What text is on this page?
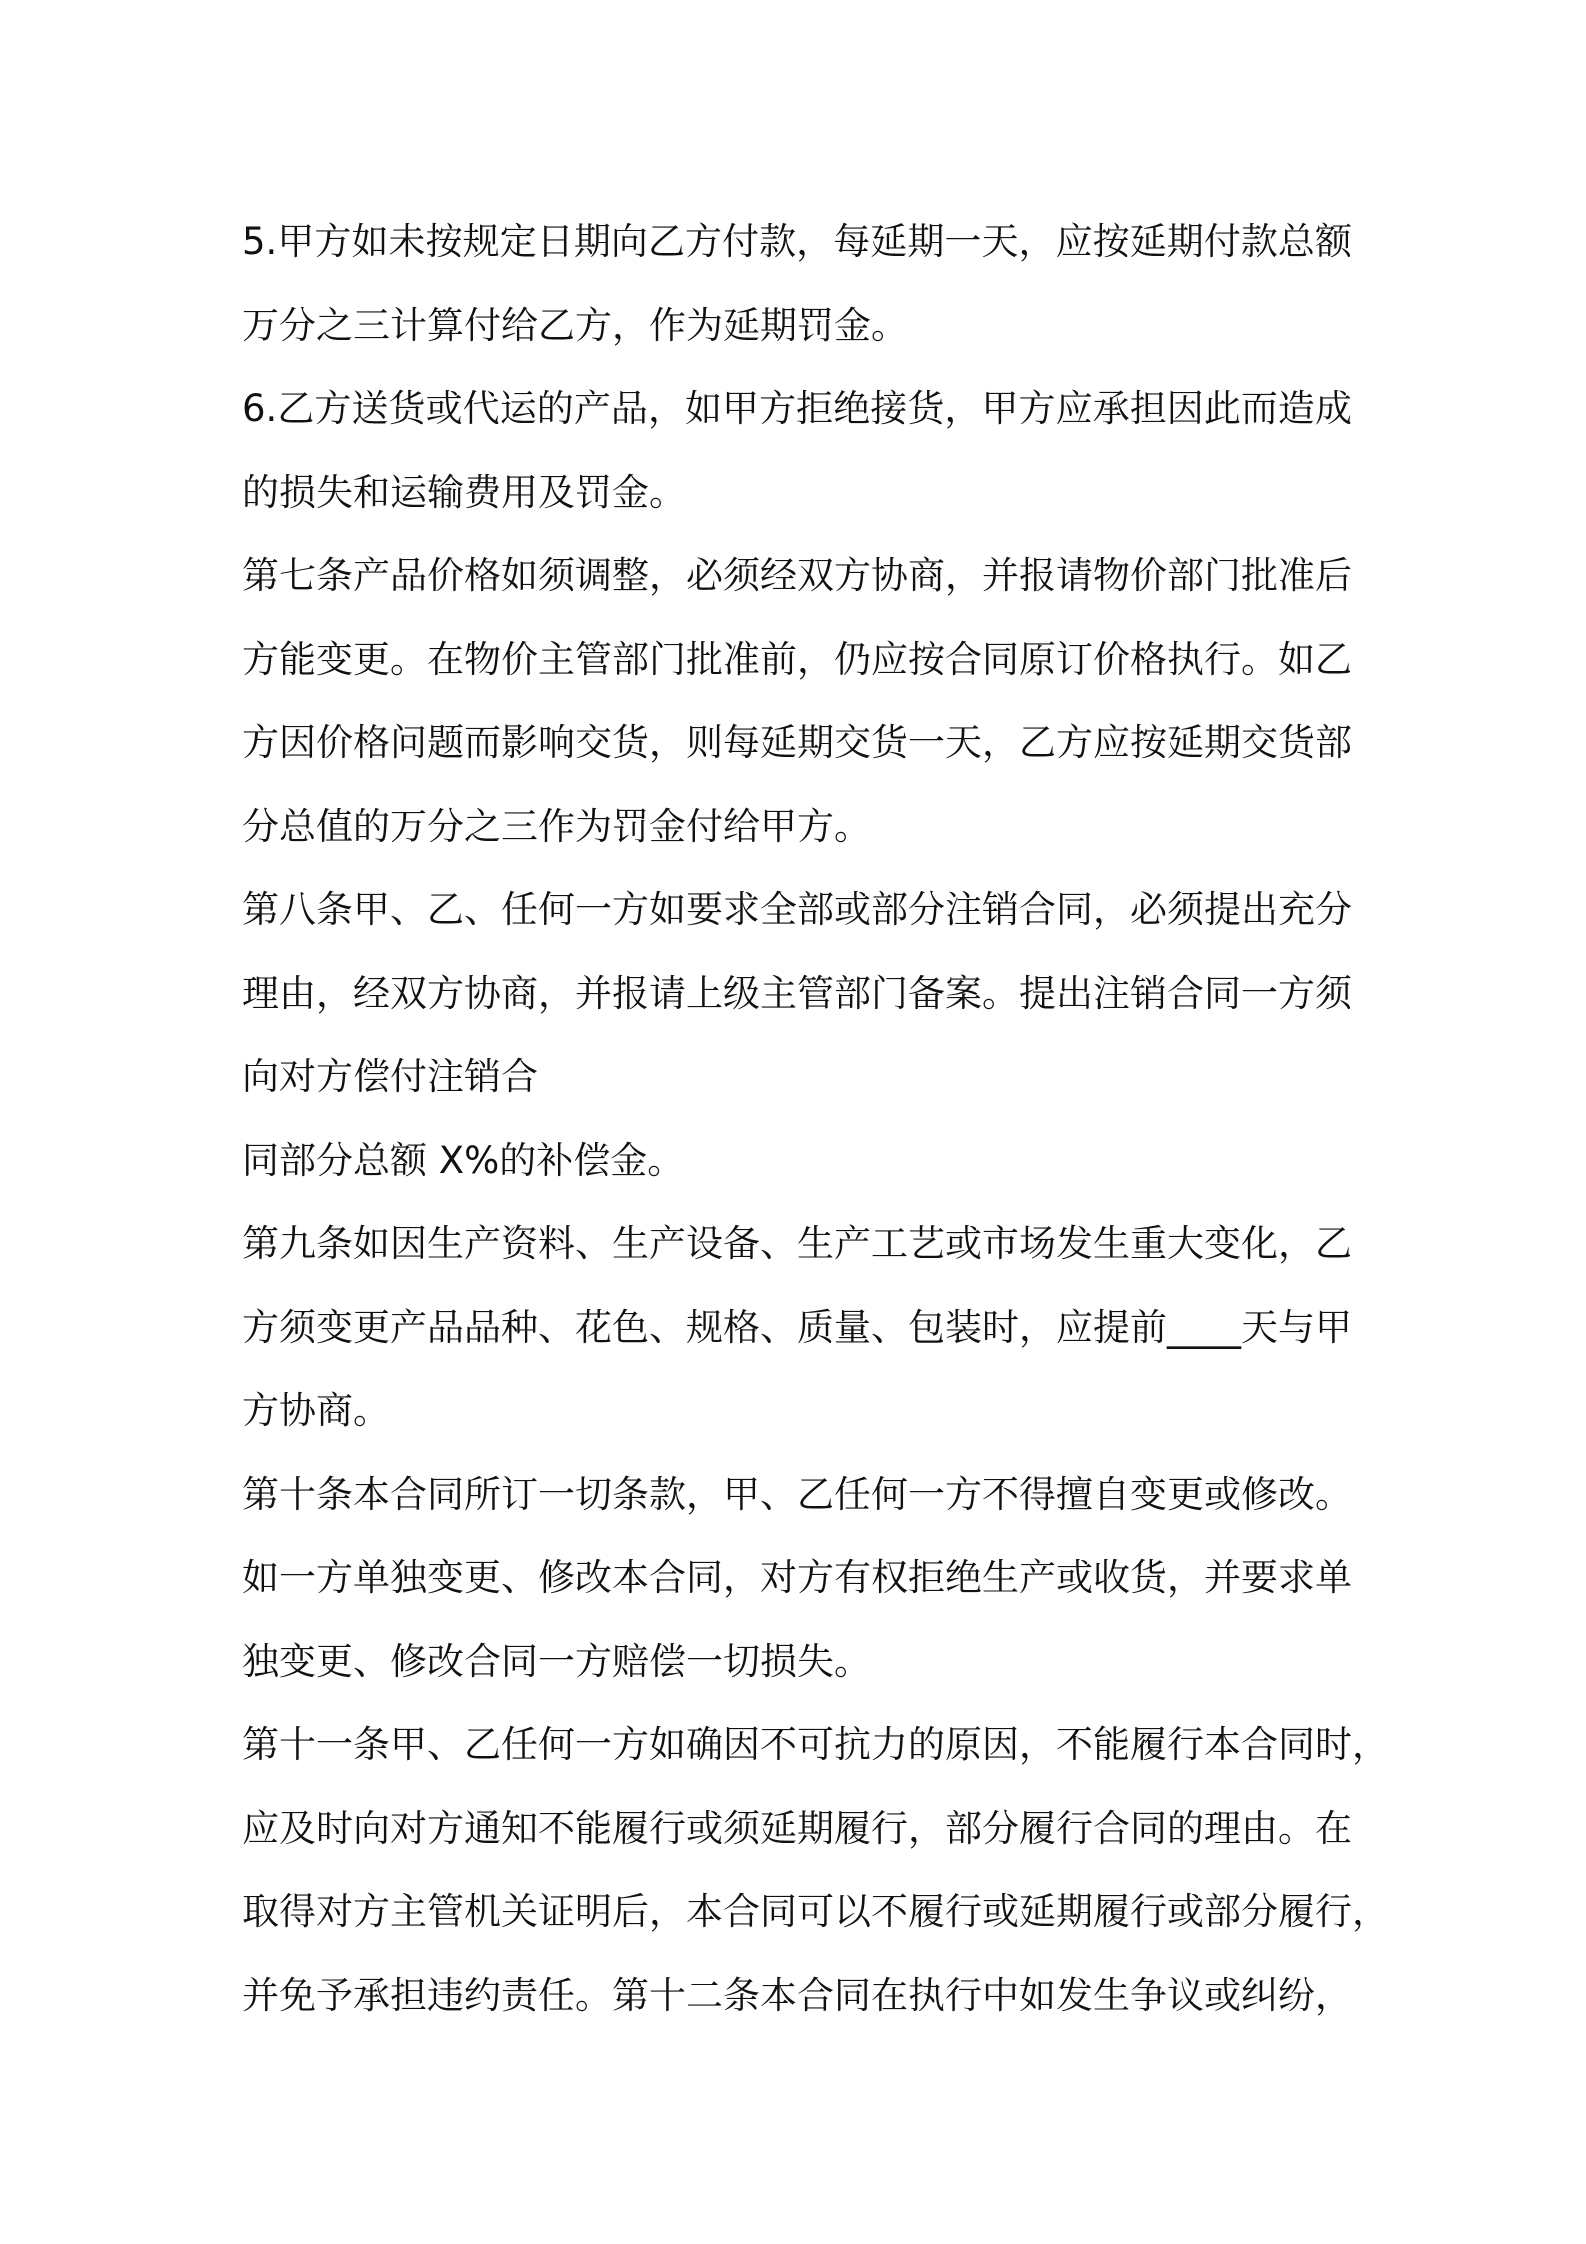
5.甲方如未按规定日期向乙方付款，每延期一天，应按延期付款总额
万分之三计算付给乙方，作为延期罚金。
6.乙方送货或代运的产品，如甲方拒绝接货，甲方应承担因此而造成
的损失和运输费用及罚金。
第七条产品价格如须调整，必须经双方协商，并报请物价部门批准后
方能变更。在物价主管部门批准前，仍应按合同原订价格执行。如乙
方因价格问题而影响交货，则每延期交货一天，乙方应按延期交货部
分总值的万分之三作为罚金付给甲方。
第八条甲、乙、任何一方如要求全部或部分注销合同，必须提出充分
理由，经双方协商，并报请上级主管部门备案。提出注销合同一方须
向对方偿付注销合
同部分总额 X%的补偿金。
第九条如因生产资料、生产设备、生产工艺或市场发生重大变化，乙
方须变更产品品种、花色、规格、质量、包装时，应提前____天与甲
方协商。
第十条本合同所订一切条款，甲、乙任何一方不得擅自变更或修改。
如一方单独变更、修改本合同，对方有权拒绝生产或收货，并要求单
独变更、修改合同一方赔偿一切损失。
第十一条甲、乙任何一方如确因不可抗力的原因，不能履行本合同时，
应及时向对方通知不能履行或须延期履行，部分履行合同的理由。在
取得对方主管机关证明后，本合同可以不履行或延期履行或部分履行，
并免予承担违约责任。第十二条本合同在执行中如发生争议或纠纷，
